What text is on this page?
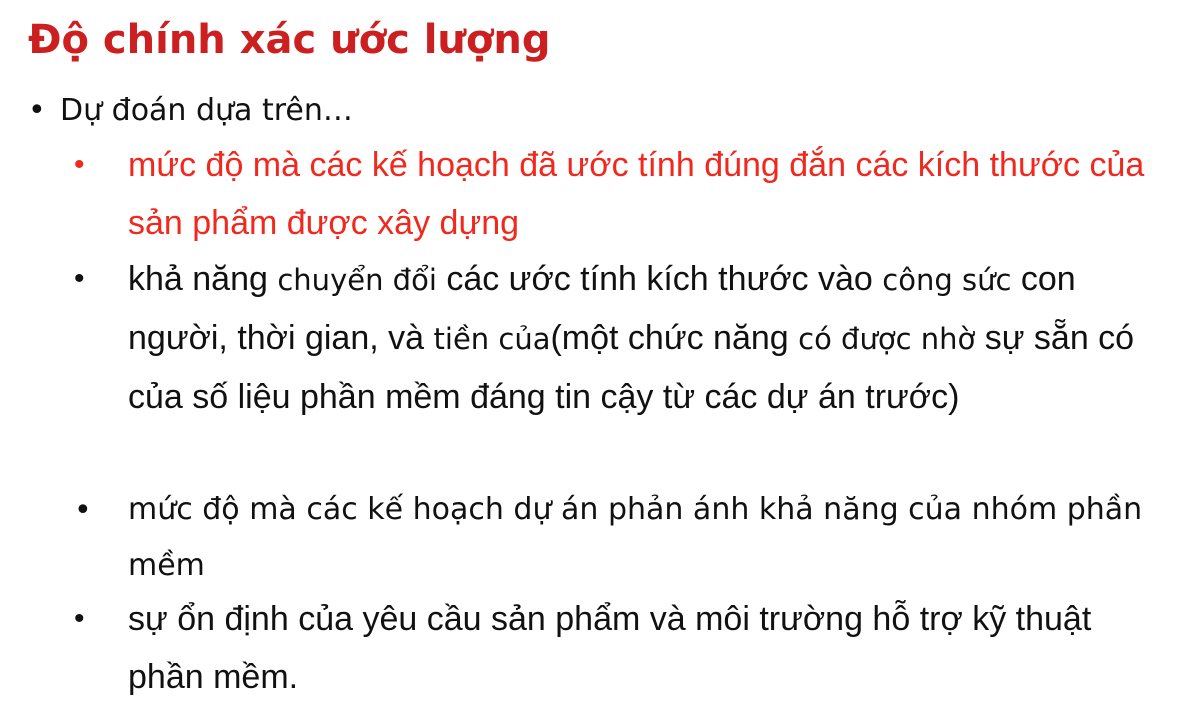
Độ chính xác ước lượng
• Dự đoán dựa trên…
• mức độ mà các kế hoạch đã ước tính đúng đắn các kích thước của sản phẩm được xây dựng
• khả năng chuyển đổi các ước tính kích thước vào công sức con người, thời gian, và tiền của(một chức năng có được nhờ sự sẵn có của số liệu phần mềm đáng tin cậy từ các dự án trước)
• mức độ mà các kế hoạch dự án phản ánh khả năng của nhóm phần mềm
• sự ổn định của yêu cầu sản phẩm và môi trường hỗ trợ kỹ thuật phần mềm.
